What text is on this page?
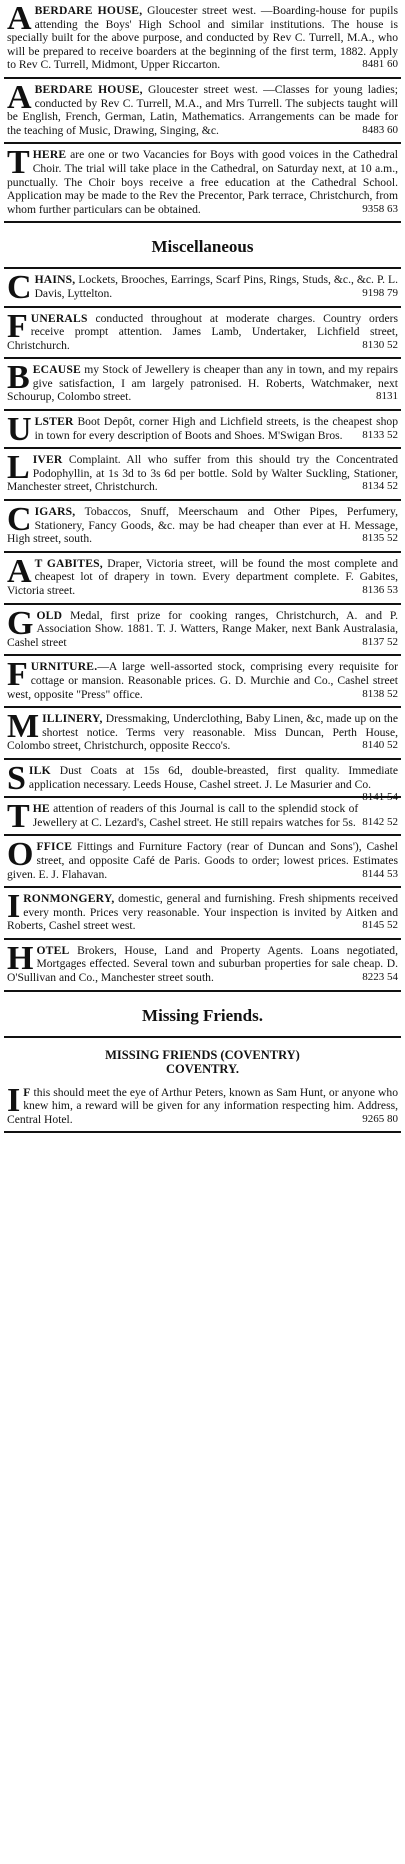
ABERDARE HOUSE, Gloucester street west. —Boarding-house for pupils attending the Boys' High School and similar institutions. The house is specially built for the above purpose, and conducted by Rev C. Turrell, M.A., who will be prepared to receive boarders at the beginning of the first term, 1882. Apply to Rev C. Turrell, Midmont, Upper Riccarton.	8481 60
ABERDARE HOUSE, Gloucester street west. —Classes for young ladies; conducted by Rev C. Turrell, M.A., and Mrs Turrell. The subjects taught will be English, French, German, Latin, Mathematics. Arrangements can be made for the teaching of Music, Drawing, Singing, &c.	8483 60
THERE are one or two Vacancies for Boys with good voices in the Cathedral Choir. The trial will take place in the Cathedral, on Saturday next, at 10 a.m., punctually. The Choir boys receive a free education at the Cathedral School. Application may be made to the Rev the Precentor, Park terrace, Christchurch, from whom further particulars can be obtained.	9358 63
Miscellaneous
CHAINS, Lockets, Brooches, Earrings, Scarf Pins, Rings, Studs, &c., &c. P. L. Davis, Lyttelton.	9198 79
FUNERALS conducted throughout at moderate charges. Country orders receive prompt attention. James Lamb, Undertaker, Lichfield street, Christchurch.	8130 52
BECAUSE my Stock of Jewellery is cheaper than any in town, and my repairs give satisfaction, I am largely patronised. H. Roberts, Watchmaker, next Schourup, Colombo street.	8131
ULSTER Boot Depôt, corner High and Lichfield streets, is the cheapest shop in town for every description of Boots and Shoes. M'Swigan Bros. 8133 52
LIVER Complaint. All who suffer from this should try the Concentrated Podophyllin, at 1s 3d to 3s 6d per bottle. Sold by Walter Suckling, Stationer, Manchester street, Christchurch.	8134 52
CIGARS, Tobaccos, Snuff, Meerschaum and Other Pipes, Perfumery, Stationery, Fancy Goods, &c. may be had cheaper than ever at H. Message, High street, south.	8135 52
A T GABITES, Draper, Victoria street, will be found the most complete and cheapest lot of drapery in town. Every department complete. F. Gabites, Victoria street.	8136 53
GOLD Medal, first prize for cooking ranges, Christchurch, A. and P. Association Show. 1881. T. J. Watters, Range Maker, next Bank Australasia, Cashel street	8137 52
FURNITURE.—A large well-assorted stock, comprising every requisite for cottage or mansion. Reasonable prices. G. D. Murchie and Co., Cashel street west, opposite "Press" office.	8138 52
MILLINERY, Dressmaking, Underclothing, Baby Linen, &c, made up on the shortest notice. Terms very reasonable. Miss Duncan, Perth House, Colombo street, Christchurch, opposite Recco's.	8140 52
SILK Dust Coats at 15s 6d, double-breasted, first quality. Immediate application necessary. Leeds House, Cashel street. J. Le Masurier and Co.
8141 54
THE attention of readers of this Journal is call to the splendid stock of Jewellery at C. Lezard's, Cashel street. He still repairs watches for 5s. 8142 52
OFFICE Fittings and Furniture Factory (rear of Duncan and Sons'), Cashel street, and opposite Café de Paris. Goods to order; lowest prices. Estimates given. E. J. Flahavan.	8144 53
IRONMONGERY, domestic, general and furnishing. Fresh shipments received every month. Prices very reasonable. Your inspection is invited by Aitken and Roberts, Cashel street west.	8145 52
HOTEL Brokers, House, Land and Property Agents. Loans negotiated, Mortgages effected. Several town and suburban properties for sale cheap. D. O'Sullivan and Co., Manchester street south.	8223 54
Missing Friends.
MISSING FRIENDS (COVENTRY)
COVENTRY.
I F this should meet the eye of Arthur Peters, known as Sam Hunt, or anyone who knew him, a reward will be given for any information respecting him. Address, Central Hotel.	9265 80
